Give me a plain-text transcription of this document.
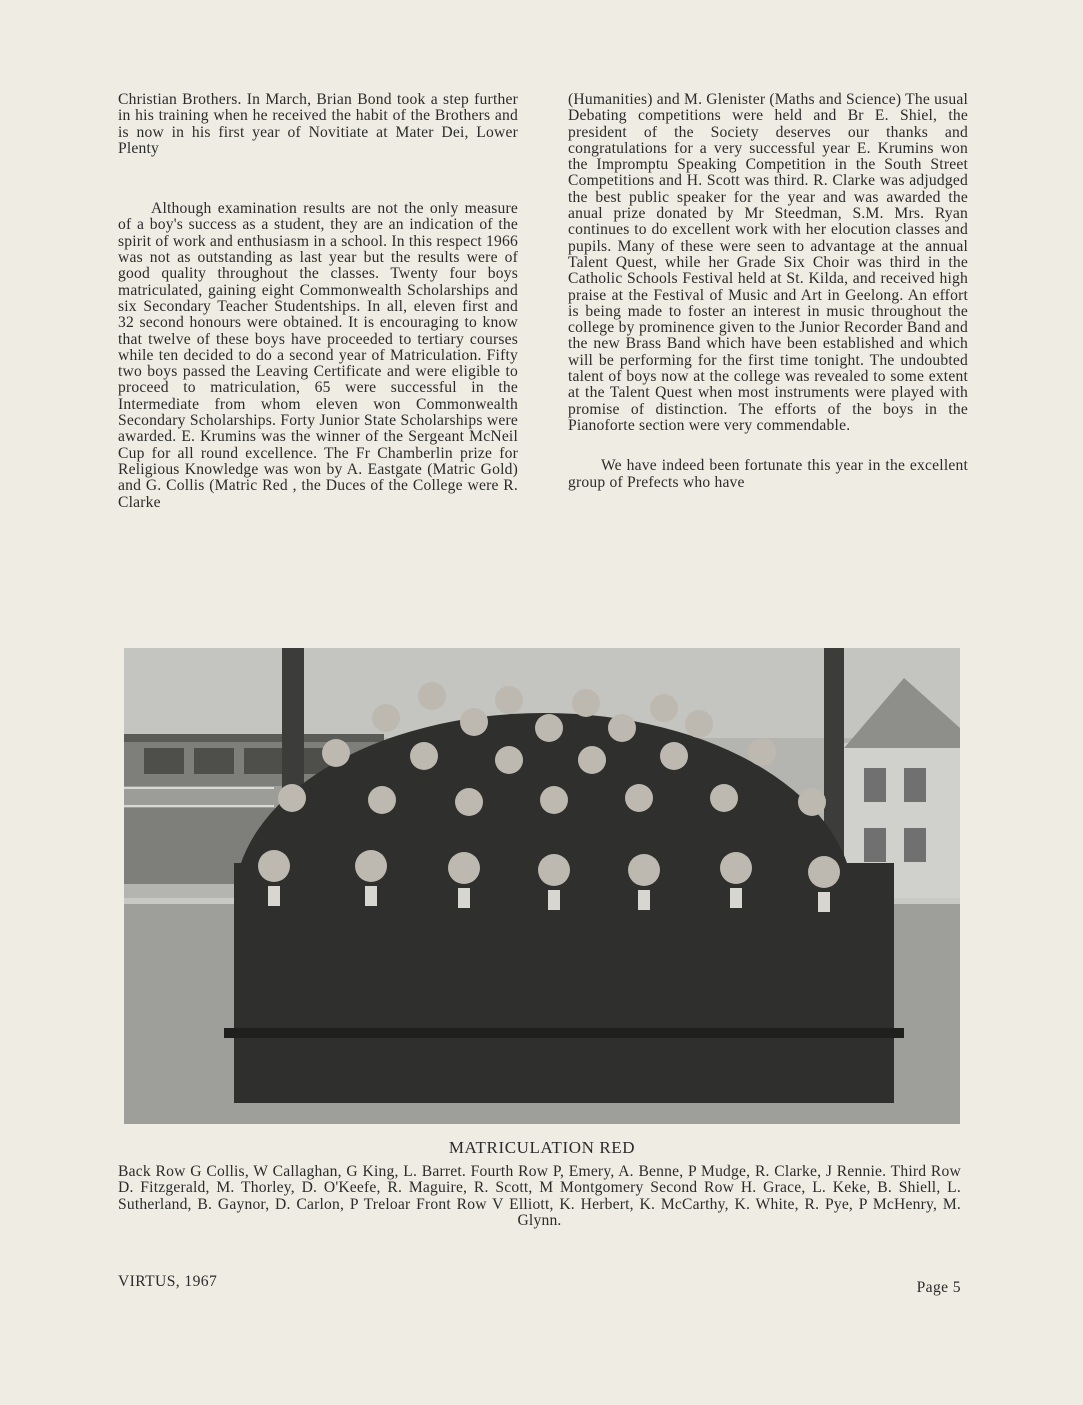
Christian Brothers. In March, Brian Bond took a step further in his training when he received the habit of the Brothers and is now in his first year of Novitiate at Mater Dei, Lower Plenty

Although examination results are not the only measure of a boy's success as a student, they are an indication of the spirit of work and enthusiasm in a school. In this respect 1966 was not as outstanding as last year but the results were of good quality throughout the classes. Twenty four boys matriculated, gaining eight Commonwealth Scholarships and six Secondary Teacher Studentships. In all, eleven first and 32 second honours were obtained. It is encouraging to know that twelve of these boys have proceeded to tertiary courses while ten decided to do a second year of Matriculation. Fifty two boys passed the Leaving Certificate and were eligible to proceed to matriculation, 65 were successful in the Intermediate from whom eleven won Commonwealth Secondary Scholarships. Forty Junior State Scholarships were awarded. E. Krumins was the winner of the Sergeant McNeil Cup for all round excellence. The Fr Chamberlin prize for Religious Knowledge was won by A. Eastgate (Matric Gold) and G. Collis (Matric Red , the Duces of the College were R. Clarke

(Humanities) and M. Glenister (Maths and Science) The usual Debating competitions were held and Br E. Shiel, the president of the Society deserves our thanks and congratulations for a very successful year E. Krumins won the Impromptu Speaking Competition in the South Street Competitions and H. Scott was third. R. Clarke was adjudged the best public speaker for the year and was awarded the anual prize donated by Mr Steedman, S.M. Mrs. Ryan continues to do excellent work with her elocution classes and pupils. Many of these were seen to advantage at the annual Talent Quest, while her Grade Six Choir was third in the Catholic Schools Festival held at St. Kilda, and received high praise at the Festival of Music and Art in Geelong. An effort is being made to foster an interest in music throughout the college by prominence given to the Junior Recorder Band and the new Brass Band which have been established and which will be performing for the first time tonight. The undoubted talent of boys now at the college was revealed to some extent at the Talent Quest when most instruments were played with promise of distinction. The efforts of the boys in the Pianoforte section were very commendable.

We have indeed been fortunate this year in the excellent group of Prefects who have

MATRICULATION RED
Back Row G Collis, W Callaghan, G King, L. Barret. Fourth Row P, Emery, A. Benne, P Mudge, R. Clarke, J Rennie. Third Row D. Fitzgerald, M. Thorley, D. O'Keefe, R. Maguire, R. Scott, M Montgomery Second Row H. Grace, L. Keke, B. Shiell, L. Sutherland, B. Gaynor, D. Carlon, P Treloar Front Row V Elliott, K. Herbert, K. McCarthy, K. White, R. Pye, P McHenry, M. Glynn.
VIRTUS, 1967	Page 5
